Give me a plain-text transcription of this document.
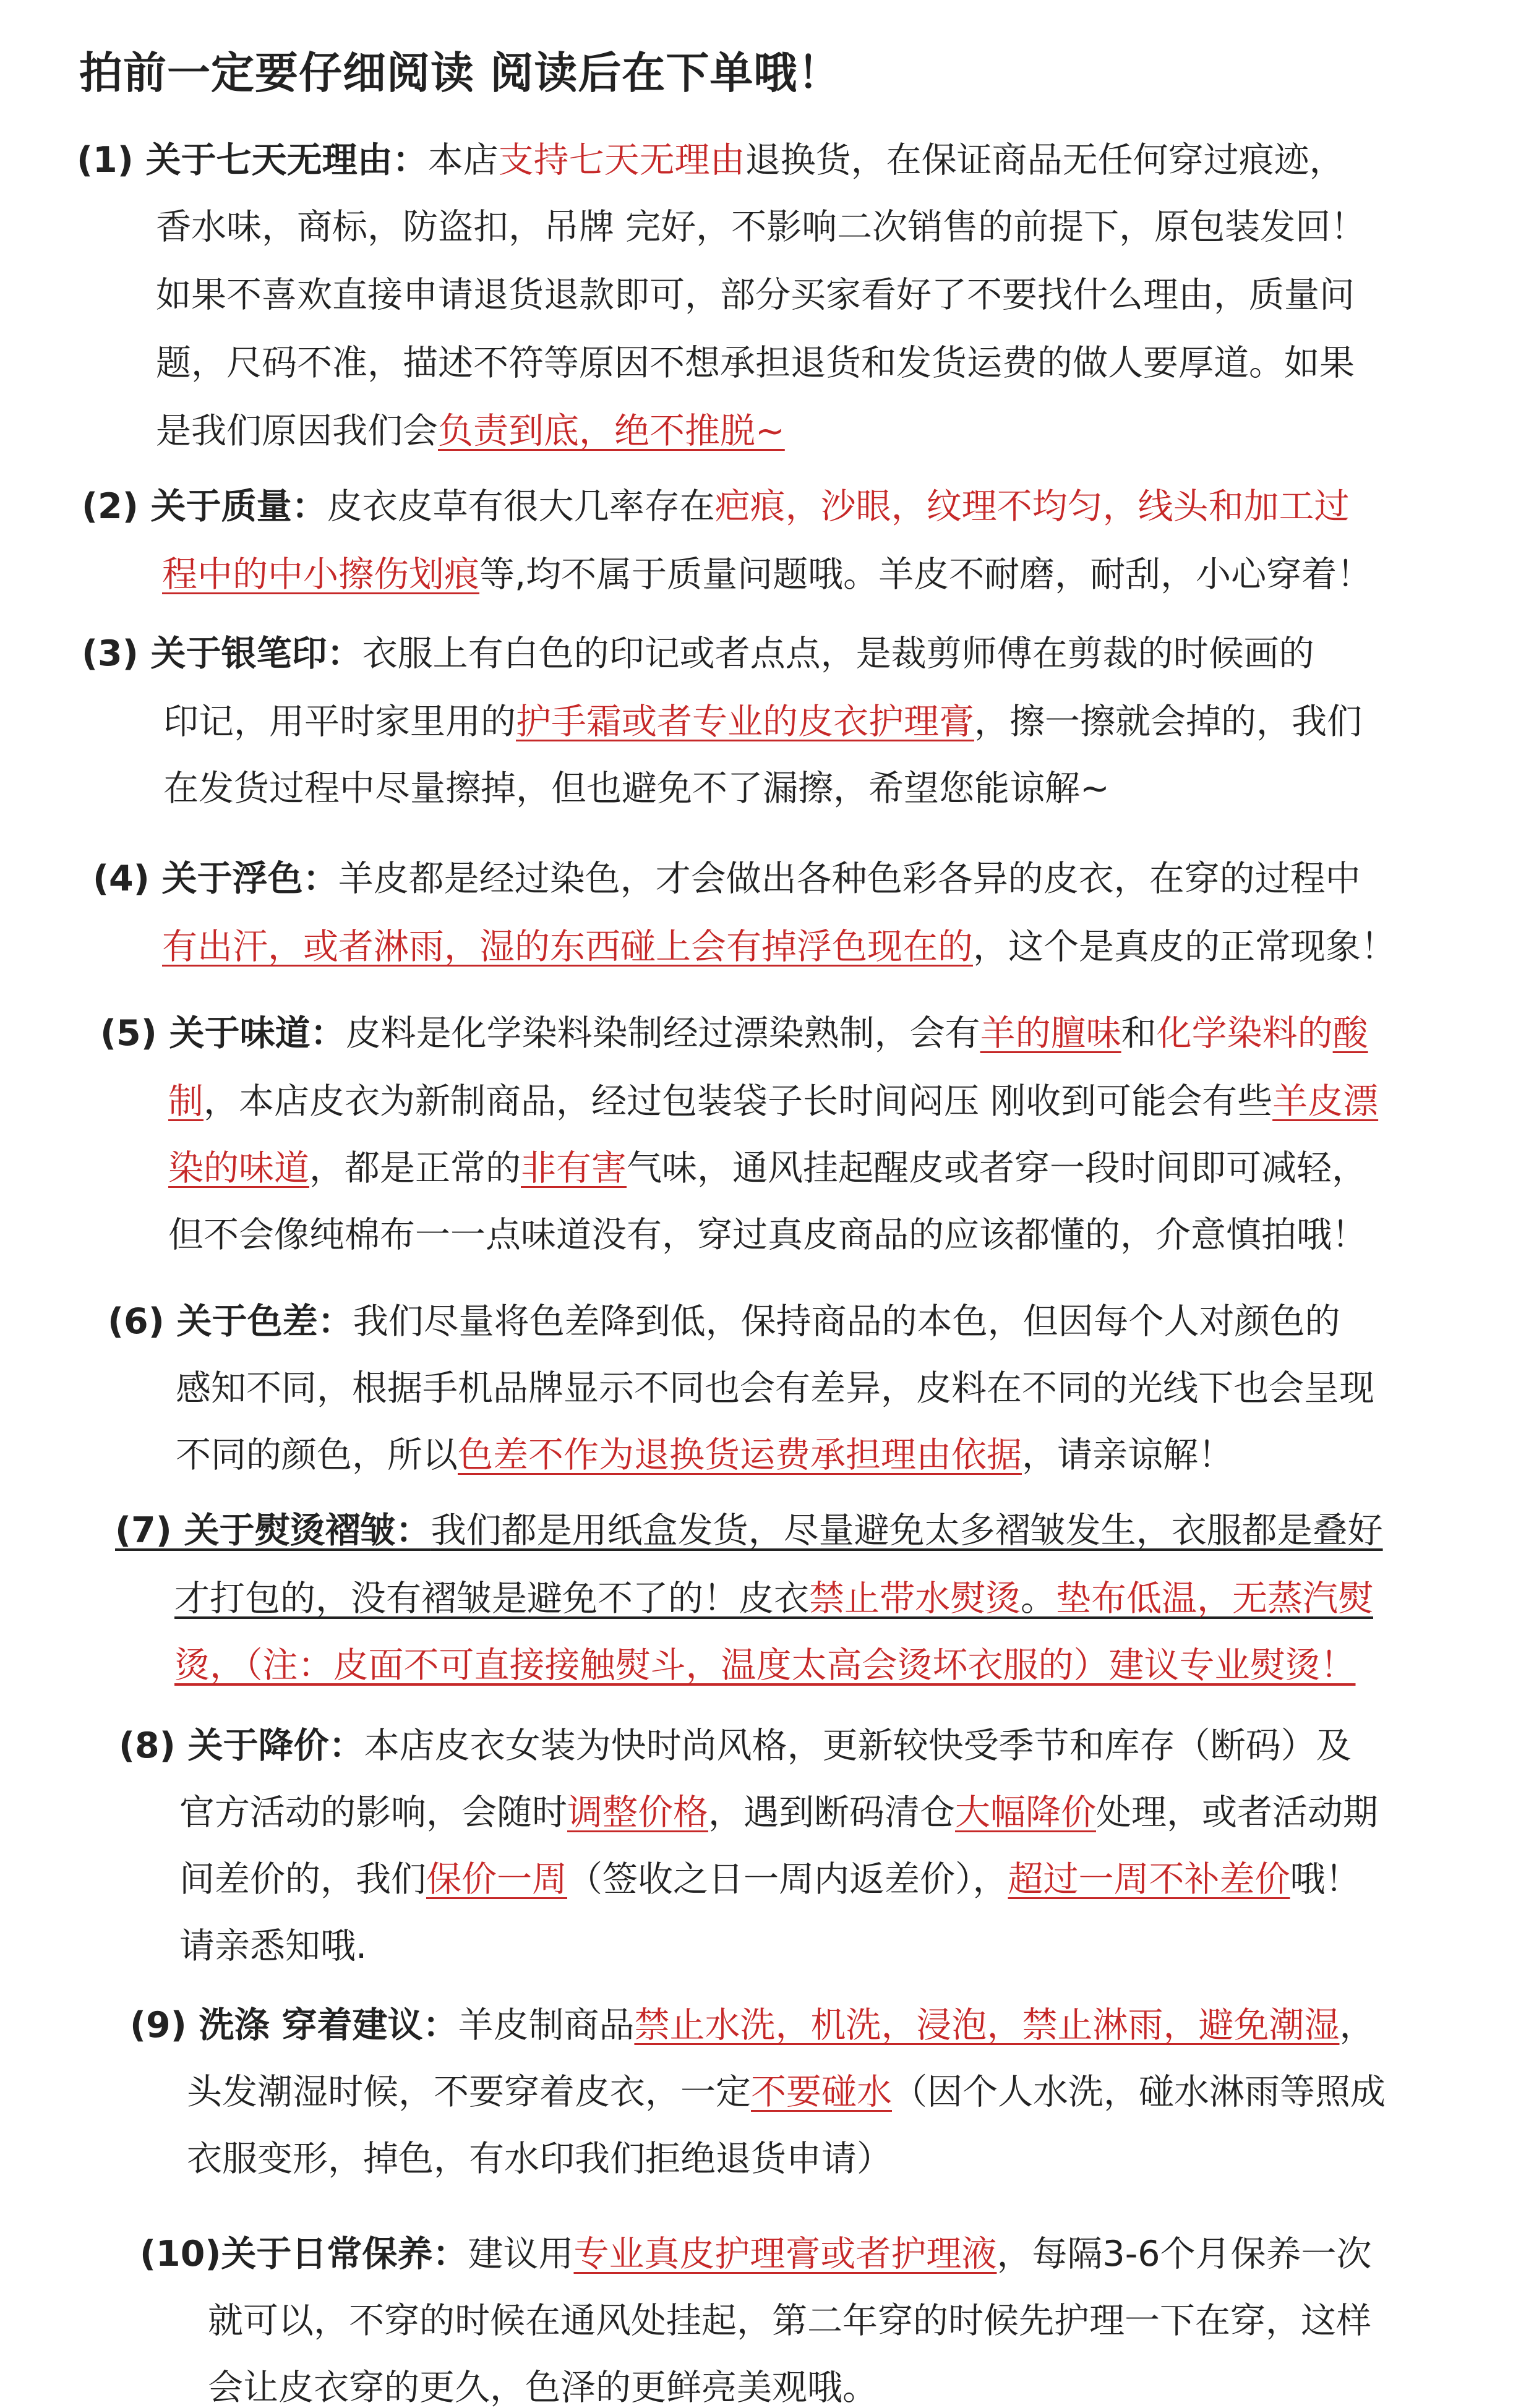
拍前一定要仔细阅读 阅读后在下单哦！
(1) 关于七天无理由：本店支持七天无理由退换货，在保证商品无任何穿过痕迹，
香水味，商标，防盗扣，吊牌 完好，不影响二次销售的前提下，原包装发回！
如果不喜欢直接申请退货退款即可，部分买家看好了不要找什么理由，质量问
题，尺码不准，描述不符等原因不想承担退货和发货运费的做人要厚道。如果
是我们原因我们会负责到底，绝不推脱~
(2) 关于质量：皮衣皮草有很大几率存在疤痕，沙眼，纹理不均匀，线头和加工过
程中的中小擦伤划痕等,均不属于质量问题哦。羊皮不耐磨，耐刮，小心穿着！
(3) 关于银笔印：衣服上有白色的印记或者点点，是裁剪师傅在剪裁的时候画的
印记，用平时家里用的护手霜或者专业的皮衣护理膏，擦一擦就会掉的，我们
在发货过程中尽量擦掉，但也避免不了漏擦，希望您能谅解~
(4) 关于浮色：羊皮都是经过染色，才会做出各种色彩各异的皮衣，在穿的过程中
有出汗，或者淋雨，湿的东西碰上会有掉浮色现在的，这个是真皮的正常现象！
(5) 关于味道：皮料是化学染料染制经过漂染熟制，会有羊的膻味和化学染料的酸
制，本店皮衣为新制商品，经过包装袋子长时间闷压 刚收到可能会有些羊皮漂
染的味道，都是正常的非有害气味，通风挂起醒皮或者穿一段时间即可减轻，
但不会像纯棉布一一点味道没有，穿过真皮商品的应该都懂的，介意慎拍哦！
(6) 关于色差：我们尽量将色差降到低，保持商品的本色，但因每个人对颜色的
感知不同，根据手机品牌显示不同也会有差异，皮料在不同的光线下也会呈现
不同的颜色，所以色差不作为退换货运费承担理由依据，请亲谅解！
(7) 关于熨烫褶皱：我们都是用纸盒发货，尽量避免太多褶皱发生，衣服都是叠好
才打包的，没有褶皱是避免不了的！皮衣禁止带水熨烫。垫布低温，无蒸汽熨
烫，（注：皮面不可直接接触熨斗，温度太高会烫坏衣服的）建议专业熨烫！
(8) 关于降价：本店皮衣女装为快时尚风格，更新较快受季节和库存（断码）及
官方活动的影响，会随时调整价格，遇到断码清仓大幅降价处理，或者活动期
间差价的，我们保价一周（签收之日一周内返差价），超过一周不补差价哦！
请亲悉知哦.
(9) 洗涤 穿着建议：羊皮制商品禁止水洗，机洗，浸泡，禁止淋雨，避免潮湿，
头发潮湿时候，不要穿着皮衣，一定不要碰水（因个人水洗，碰水淋雨等照成
衣服变形，掉色，有水印我们拒绝退货申请）
(10)关于日常保养：建议用专业真皮护理膏或者护理液，每隔3-6个月保养一次
就可以，不穿的时候在通风处挂起，第二年穿的时候先护理一下在穿，这样
会让皮衣穿的更久，色泽的更鲜亮美观哦。
